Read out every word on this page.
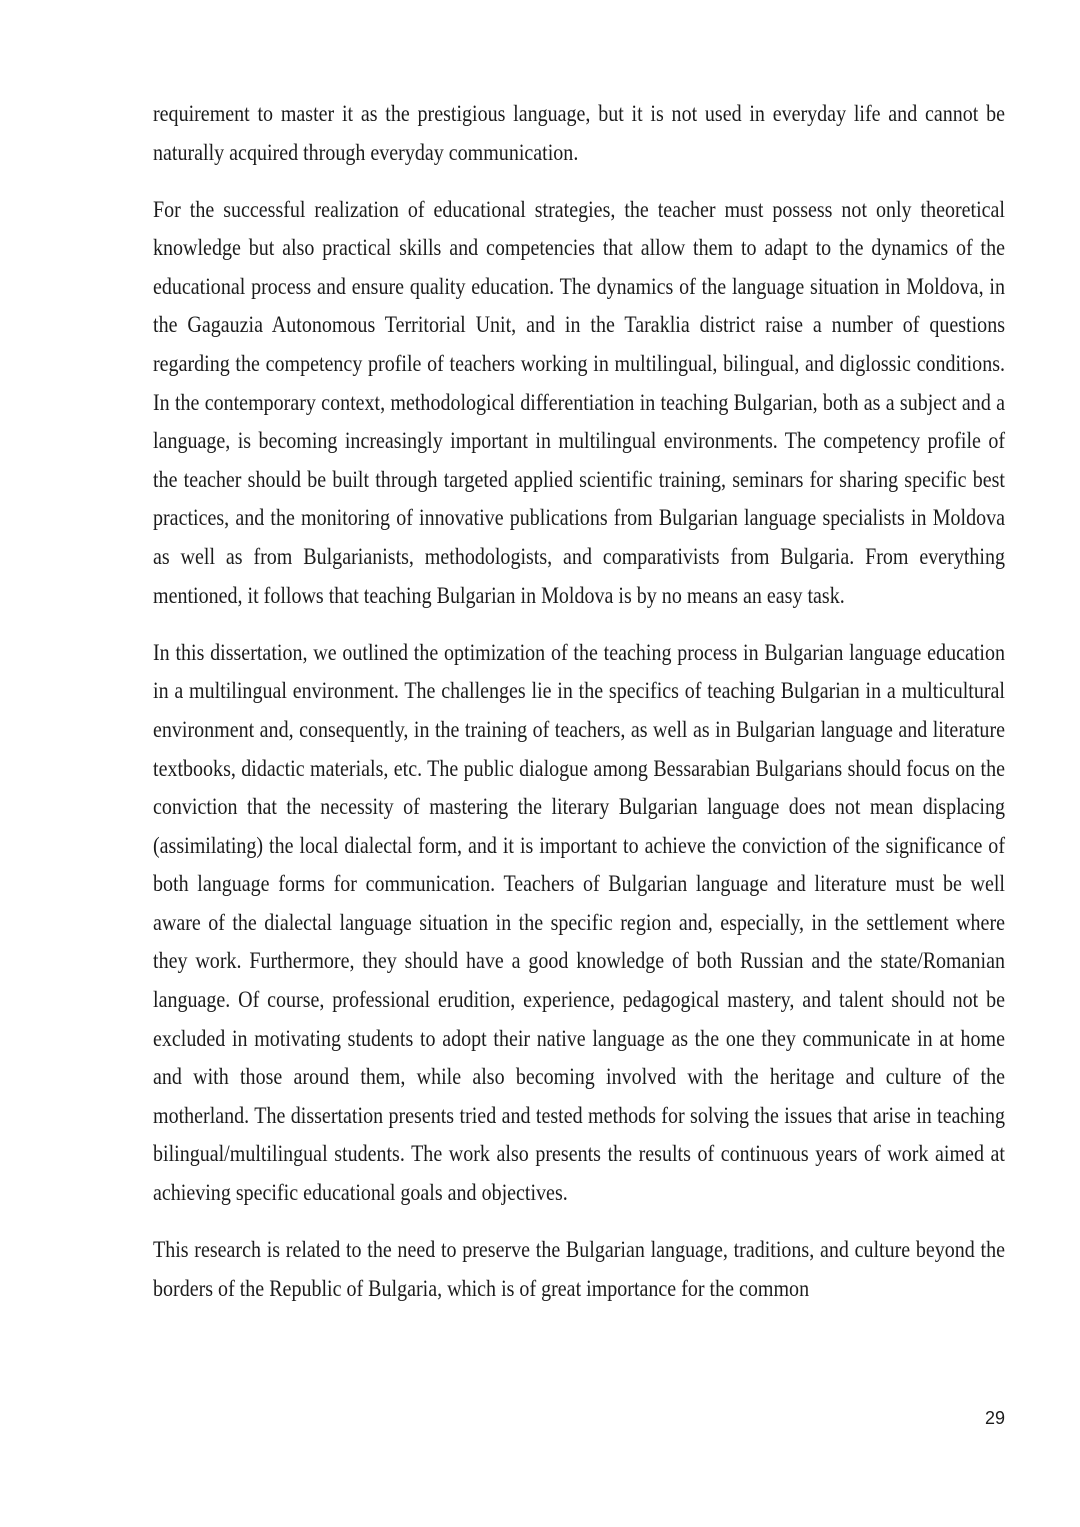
requirement to master it as the prestigious language, but it is not used in everyday life and cannot be naturally acquired through everyday communication.

For the successful realization of educational strategies, the teacher must possess not only theoretical knowledge but also practical skills and competencies that allow them to adapt to the dynamics of the educational process and ensure quality education. The dynamics of the language situation in Moldova, in the Gagauzia Autonomous Territorial Unit, and in the Taraklia district raise a number of questions regarding the competency profile of teachers working in multilingual, bilingual, and diglossic conditions. In the contemporary context, methodological differentiation in teaching Bulgarian, both as a subject and a language, is becoming increasingly important in multilingual environments. The competency profile of the teacher should be built through targeted applied scientific training, seminars for sharing specific best practices, and the monitoring of innovative publications from Bulgarian language specialists in Moldova as well as from Bulgarianists, methodologists, and comparativists from Bulgaria. From everything mentioned, it follows that teaching Bulgarian in Moldova is by no means an easy task.

In this dissertation, we outlined the optimization of the teaching process in Bulgarian language education in a multilingual environment. The challenges lie in the specifics of teaching Bulgarian in a multicultural environment and, consequently, in the training of teachers, as well as in Bulgarian language and literature textbooks, didactic materials, etc. The public dialogue among Bessarabian Bulgarians should focus on the conviction that the necessity of mastering the literary Bulgarian language does not mean displacing (assimilating) the local dialectal form, and it is important to achieve the conviction of the significance of both language forms for communication. Teachers of Bulgarian language and literature must be well aware of the dialectal language situation in the specific region and, especially, in the settlement where they work. Furthermore, they should have a good knowledge of both Russian and the state/Romanian language. Of course, professional erudition, experience, pedagogical mastery, and talent should not be excluded in motivating students to adopt their native language as the one they communicate in at home and with those around them, while also becoming involved with the heritage and culture of the motherland. The dissertation presents tried and tested methods for solving the issues that arise in teaching bilingual/multilingual students. The work also presents the results of continuous years of work aimed at achieving specific educational goals and objectives.

This research is related to the need to preserve the Bulgarian language, traditions, and culture beyond the borders of the Republic of Bulgaria, which is of great importance for the common

29
